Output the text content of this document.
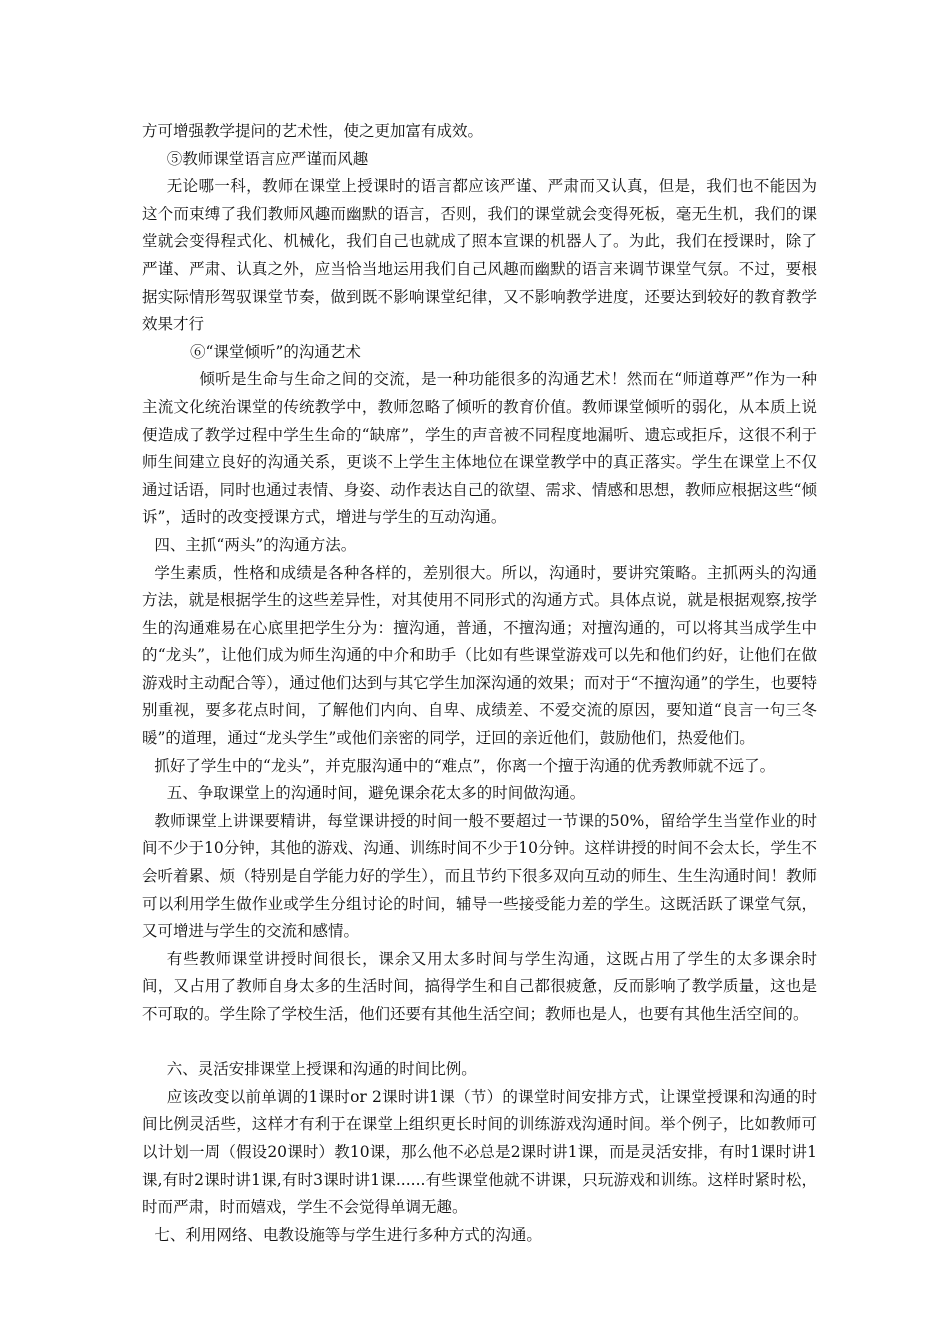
方可增强教学提问的艺术性，使之更加富有成效。

⑤教师课堂语言应严谨而风趣

无论哪一科，教师在课堂上授课时的语言都应该严谨、严肃而又认真，但是，我们也不能因为这个而束缚了我们教师风趣而幽默的语言，否则，我们的课堂就会变得死板，毫无生机，我们的课堂就会变得程式化、机械化，我们自己也就成了照本宣课的机器人了。为此，我们在授课时，除了严谨、严肃、认真之外，应当恰当地运用我们自己风趣而幽默的语言来调节课堂气氛。不过，要根据实际情形驾驭课堂节奏，做到既不影响课堂纪律，又不影响教学进度，还要达到较好的教育教学效果才行

⑥“课堂倾听”的沟通艺术

倾听是生命与生命之间的交流，是一种功能很多的沟通艺术！然而在“师道尊严”作为一种主流文化统治课堂的传统教学中，教师忽略了倾听的教育价值。教师课堂倾听的弱化，从本质上说便造成了教学过程中学生生命的“缺席”，学生的声音被不同程度地漏听、遗忘或拒斥，这很不利于师生间建立良好的沟通关系，更谈不上学生主体地位在课堂教学中的真正落实。学生在课堂上不仅通过话语，同时也通过表情、身姿、动作表达自己的欲望、需求、情感和思想，教师应根据这些“倾诉”，适时的改变授课方式，增进与学生的互动沟通。

四、主抓“两头”的沟通方法。

学生素质，性格和成绩是各种各样的，差别很大。所以，沟通时，要讲究策略。主抓两头的沟通方法，就是根据学生的这些差异性，对其使用不同形式的沟通方式。具体点说，就是根据观察,按学生的沟通难易在心底里把学生分为：擅沟通，普通，不擅沟通；对擅沟通的，可以将其当成学生中的“龙头”，让他们成为师生沟通的中介和助手（比如有些课堂游戏可以先和他们约好，让他们在做游戏时主动配合等），通过他们达到与其它学生加深沟通的效果；而对于“不擅沟通”的学生，也要特别重视，要多花点时间，了解他们内向、自卑、成绩差、不爱交流的原因，要知道“良言一句三冬暖”的道理，通过“龙头学生”或他们亲密的同学，迂回的亲近他们，鼓励他们，热爱他们。

抓好了学生中的“龙头”，并克服沟通中的“难点”，你离一个擅于沟通的优秀教师就不远了。

五、争取课堂上的沟通时间，避免课余花太多的时间做沟通。

教师课堂上讲课要精讲，每堂课讲授的时间一般不要超过一节课的50%，留给学生当堂作业的时间不少于10分钟，其他的游戏、沟通、训练时间不少于10分钟。这样讲授的时间不会太长，学生不会听着累、烦（特别是自学能力好的学生），而且节约下很多双向互动的师生、生生沟通时间！教师可以利用学生做作业或学生分组讨论的时间，辅导一些接受能力差的学生。这既活跃了课堂气氛，又可增进与学生的交流和感情。

有些教师课堂讲授时间很长，课余又用太多时间与学生沟通，这既占用了学生的太多课余时间，又占用了教师自身太多的生活时间，搞得学生和自己都很疲惫，反而影响了教学质量，这也是不可取的。学生除了学校生活，他们还要有其他生活空间；教师也是人，也要有其他生活空间的。

六、灵活安排课堂上授课和沟通的时间比例。

应该改变以前单调的1课时or 2课时讲1课（节）的课堂时间安排方式，让课堂授课和沟通的时间比例灵活些，这样才有利于在课堂上组织更长时间的训练游戏沟通时间。举个例子，比如教师可以计划一周（假设20课时）教10课，那么他不必总是2课时讲1课，而是灵活安排，有时1课时讲1课,有时2课时讲1课,有时3课时讲1课......有些课堂他就不讲课，只玩游戏和训练。这样时紧时松，时而严肃，时而嬉戏，学生不会觉得单调无趣。

七、利用网络、电教设施等与学生进行多种方式的沟通。
